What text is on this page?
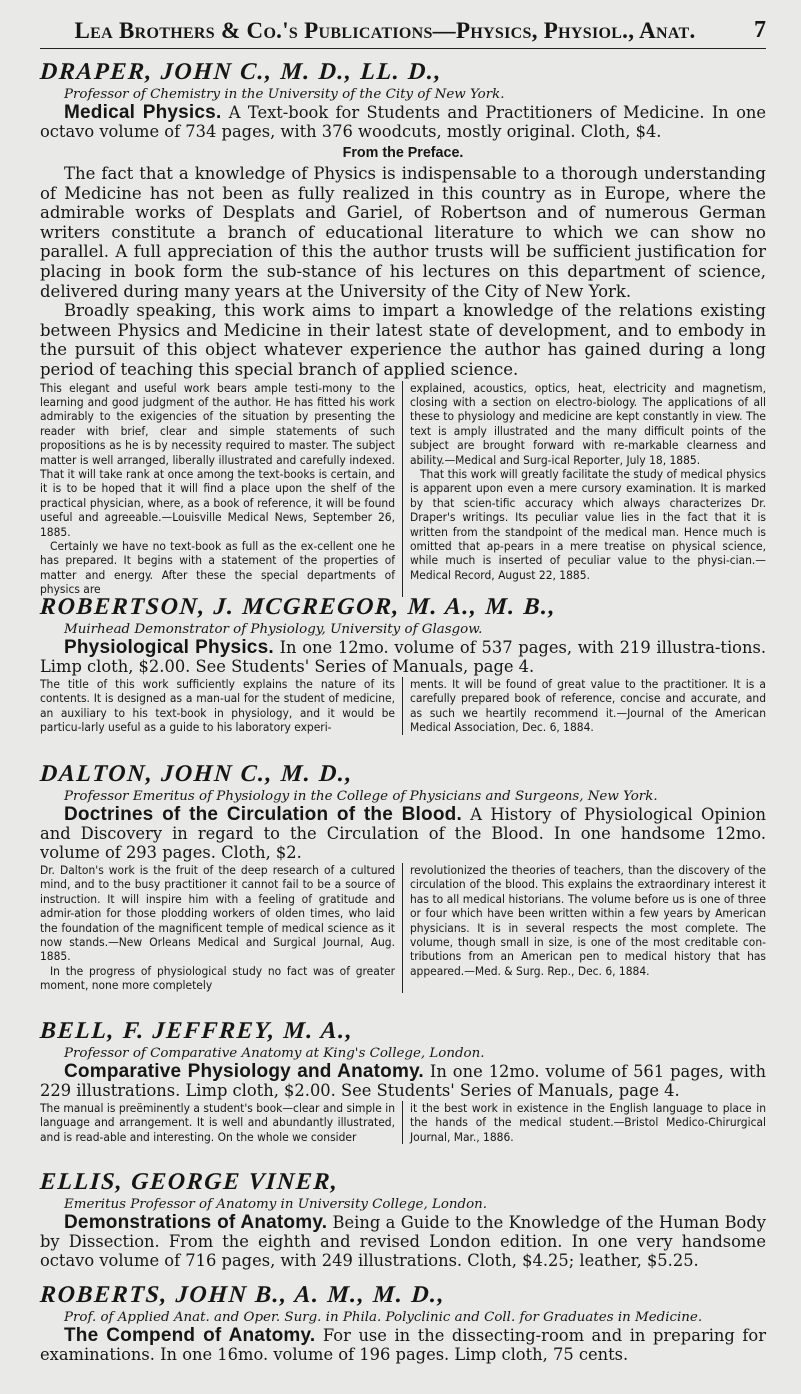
Lea Brothers & Co.'s Publications—Physics, Physiol., Anat.	7
DRAPER, JOHN C., M. D., LL. D.,
Professor of Chemistry in the University of the City of New York.

Medical Physics. A Text-book for Students and Practitioners of Medicine. In one octavo volume of 734 pages, with 376 woodcuts, mostly original. Cloth, $4.

From the Preface.

The fact that a knowledge of Physics is indispensable to a thorough understanding of Medicine has not been as fully realized in this country as in Europe, where the admirable works of Desplats and Gariel, of Robertson and of numerous German writers constitute a branch of educational literature to which we can show no parallel. A full appreciation of this the author trusts will be sufficient justification for placing in book form the sub-stance of his lectures on this department of science, delivered during many years at the University of the City of New York.

Broadly speaking, this work aims to impart a knowledge of the relations existing between Physics and Medicine in their latest state of development, and to embody in the pursuit of this object whatever experience the author has gained during a long period of teaching this special branch of applied science.

This elegant and useful work bears ample testi-mony to the learning and good judgment of the author. He has fitted his work admirably to the exigencies of the situation by presenting the reader with brief, clear and simple statements of such propositions as he is by necessity required to master. The subject matter is well arranged, liberally illustrated and carefully indexed. That it will take rank at once among the text-books is certain, and it is to be hoped that it will find a place upon the shelf of the practical physician, where, as a book of reference, it will be found useful and agreeable.—Louisville Medical News, September 26, 1885.

Certainly we have no text-book as full as the ex-cellent one he has prepared. It begins with a statement of the properties of matter and energy. After these the special departments of physics are

explained, acoustics, optics, heat, electricity and magnetism, closing with a section on electro-biology. The applications of all these to physiology and medicine are kept constantly in view. The text is amply illustrated and the many difficult points of the subject are brought forward with re-markable clearness and ability.—Medical and Surg-ical Reporter, July 18, 1885.

That this work will greatly facilitate the study of medical physics is apparent upon even a mere cursory examination. It is marked by that scien-tific accuracy which always characterizes Dr. Draper's writings. Its peculiar value lies in the fact that it is written from the standpoint of the medical man. Hence much is omitted that ap-pears in a mere treatise on physical science, while much is inserted of peculiar value to the physi-cian.—Medical Record, August 22, 1885.

ROBERTSON, J. MCGREGOR, M. A., M. B.,
Muirhead Demonstrator of Physiology, University of Glasgow.

Physiological Physics. In one 12mo. volume of 537 pages, with 219 illustra-tions. Limp cloth, $2.00. See Students' Series of Manuals, page 4.

The title of this work sufficiently explains the nature of its contents. It is designed as a man-ual for the student of medicine, an auxiliary to his text-book in physiology, and it would be particu-larly useful as a guide to his laboratory experi-

ments. It will be found of great value to the practitioner. It is a carefully prepared book of reference, concise and accurate, and as such we heartily recommend it.—Journal of the American Medical Association, Dec. 6, 1884.

DALTON, JOHN C., M. D.,
Professor Emeritus of Physiology in the College of Physicians and Surgeons, New York.

Doctrines of the Circulation of the Blood. A History of Physiological Opinion and Discovery in regard to the Circulation of the Blood. In one handsome 12mo. volume of 293 pages. Cloth, $2.

Dr. Dalton's work is the fruit of the deep research of a cultured mind, and to the busy practitioner it cannot fail to be a source of instruction. It will inspire him with a feeling of gratitude and admir-ation for those plodding workers of olden times, who laid the foundation of the magnificent temple of medical science as it now stands.—New Orleans Medical and Surgical Journal, Aug. 1885.

In the progress of physiological study no fact was of greater moment, none more completely

revolutionized the theories of teachers, than the discovery of the circulation of the blood. This explains the extraordinary interest it has to all medical historians. The volume before us is one of three or four which have been written within a few years by American physicians. It is in several respects the most complete. The volume, though small in size, is one of the most creditable con-tributions from an American pen to medical history that has appeared.—Med. & Surg. Rep., Dec. 6, 1884.

BELL, F. JEFFREY, M. A.,
Professor of Comparative Anatomy at King's College, London.

Comparative Physiology and Anatomy. In one 12mo. volume of 561 pages, with 229 illustrations. Limp cloth, $2.00. See Students' Series of Manuals, page 4.

The manual is preëminently a student's book—clear and simple in language and arrangement. It is well and abundantly illustrated, and is read-able and interesting. On the whole we consider

it the best work in existence in the English language to place in the hands of the medical student.—Bristol Medico-Chirurgical Journal, Mar., 1886.

ELLIS, GEORGE VINER,
Emeritus Professor of Anatomy in University College, London.

Demonstrations of Anatomy. Being a Guide to the Knowledge of the Human Body by Dissection. From the eighth and revised London edition. In one very handsome octavo volume of 716 pages, with 249 illustrations. Cloth, $4.25; leather, $5.25.

ROBERTS, JOHN B., A. M., M. D.,
Prof. of Applied Anat. and Oper. Surg. in Phila. Polyclinic and Coll. for Graduates in Medicine.

The Compend of Anatomy. For use in the dissecting-room and in preparing for examinations. In one 16mo. volume of 196 pages. Limp cloth, 75 cents.
